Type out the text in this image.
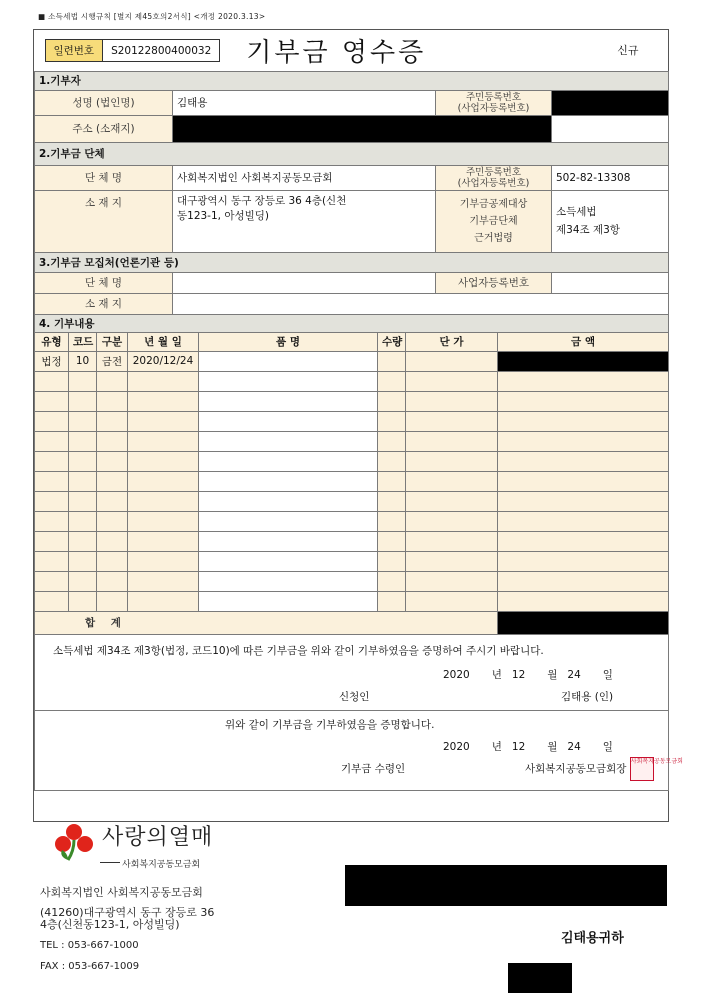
■ 소득세법 시행규칙 [별지 제45호의2서식] <개정 2020.3.13>
일련번호 S20122800400032 기부금 영수증 신규										

1.기부자										
성명 (법인명)				김태용				주민등록번호
(사업자등록번호)		
주소 (소재지)										
2.기부금 단체										
단 체 명				사회복지법인 사회복지공동모금회				주민등록번호
(사업자등록번호)		502-82-13308
소 재 지				대구광역시 동구 장등로 36 4층(신천
동123-1, 아성빌딩)				기부금공제대상
기부금단체
근거법령		소득세법
제34조 제3항
3.기부금 모집처(언론기관 등)										
단 체 명								사업자등록번호		
소 재 지										
4. 기부내용										
유형	코드	구분	년 월 일		품 명	수량	단 가		금 액	
법정	10	금전	2020/12/24							

합 계										

소득세법 제34조 제3항(법정, 코드10)에 따른 기부금을 위와 같이 기부하였음을 증명하여 주시기 바랍니다.
2020 년 12 월 24 일
신청인 김태용 (인)										

위와 같이 기부금을 기부하였음을 증명합니다.
2020 년 12 월 24 일
기부금 수령인 사회복지공동모금회장 사회복지공동모금회										
사랑의열매
사회복지공동모금회
사회복지법인 사회복지공동모금회
(41260)대구광역시 동구 장등로 36
4층(신천동123-1, 아성빌딩)
TEL : 053-667-1000
FAX : 053-667-1009
김태용귀하
